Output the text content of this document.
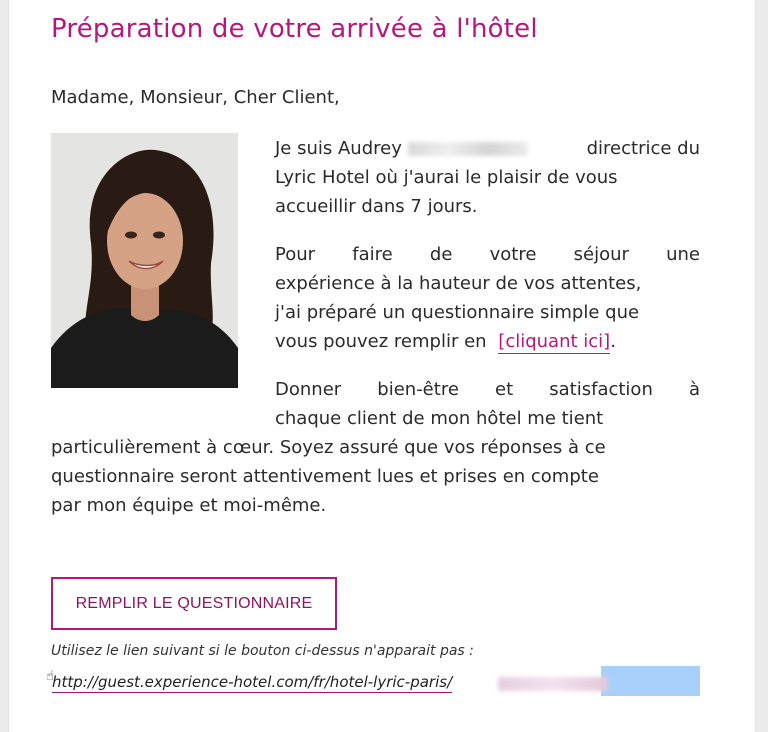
Préparation de votre arrivée à l'hôtel
Madame, Monsieur, Cher Client,
Je suis Audrey	directrice du
Lyric Hotel où j'aurai le plaisir de vous
accueillir dans 7 jours.
Pour faire de votre séjour une
expérience à la hauteur de vos attentes,
j'ai préparé un questionnaire simple que
vous pouvez remplir en [cliquant ici].
Donner bien-être et satisfaction à
chaque client de mon hôtel me tient
particulièrement à cœur. Soyez assuré que vos réponses à ce
questionnaire seront attentivement lues et prises en compte
par mon équipe et moi-même.
REMPLIR LE QUESTIONNAIRE
Utilisez le lien suivant si le bouton ci-dessus n'apparait pas :
http://guest.experience-hotel.com/fr/hotel-lyric-paris/
☝
